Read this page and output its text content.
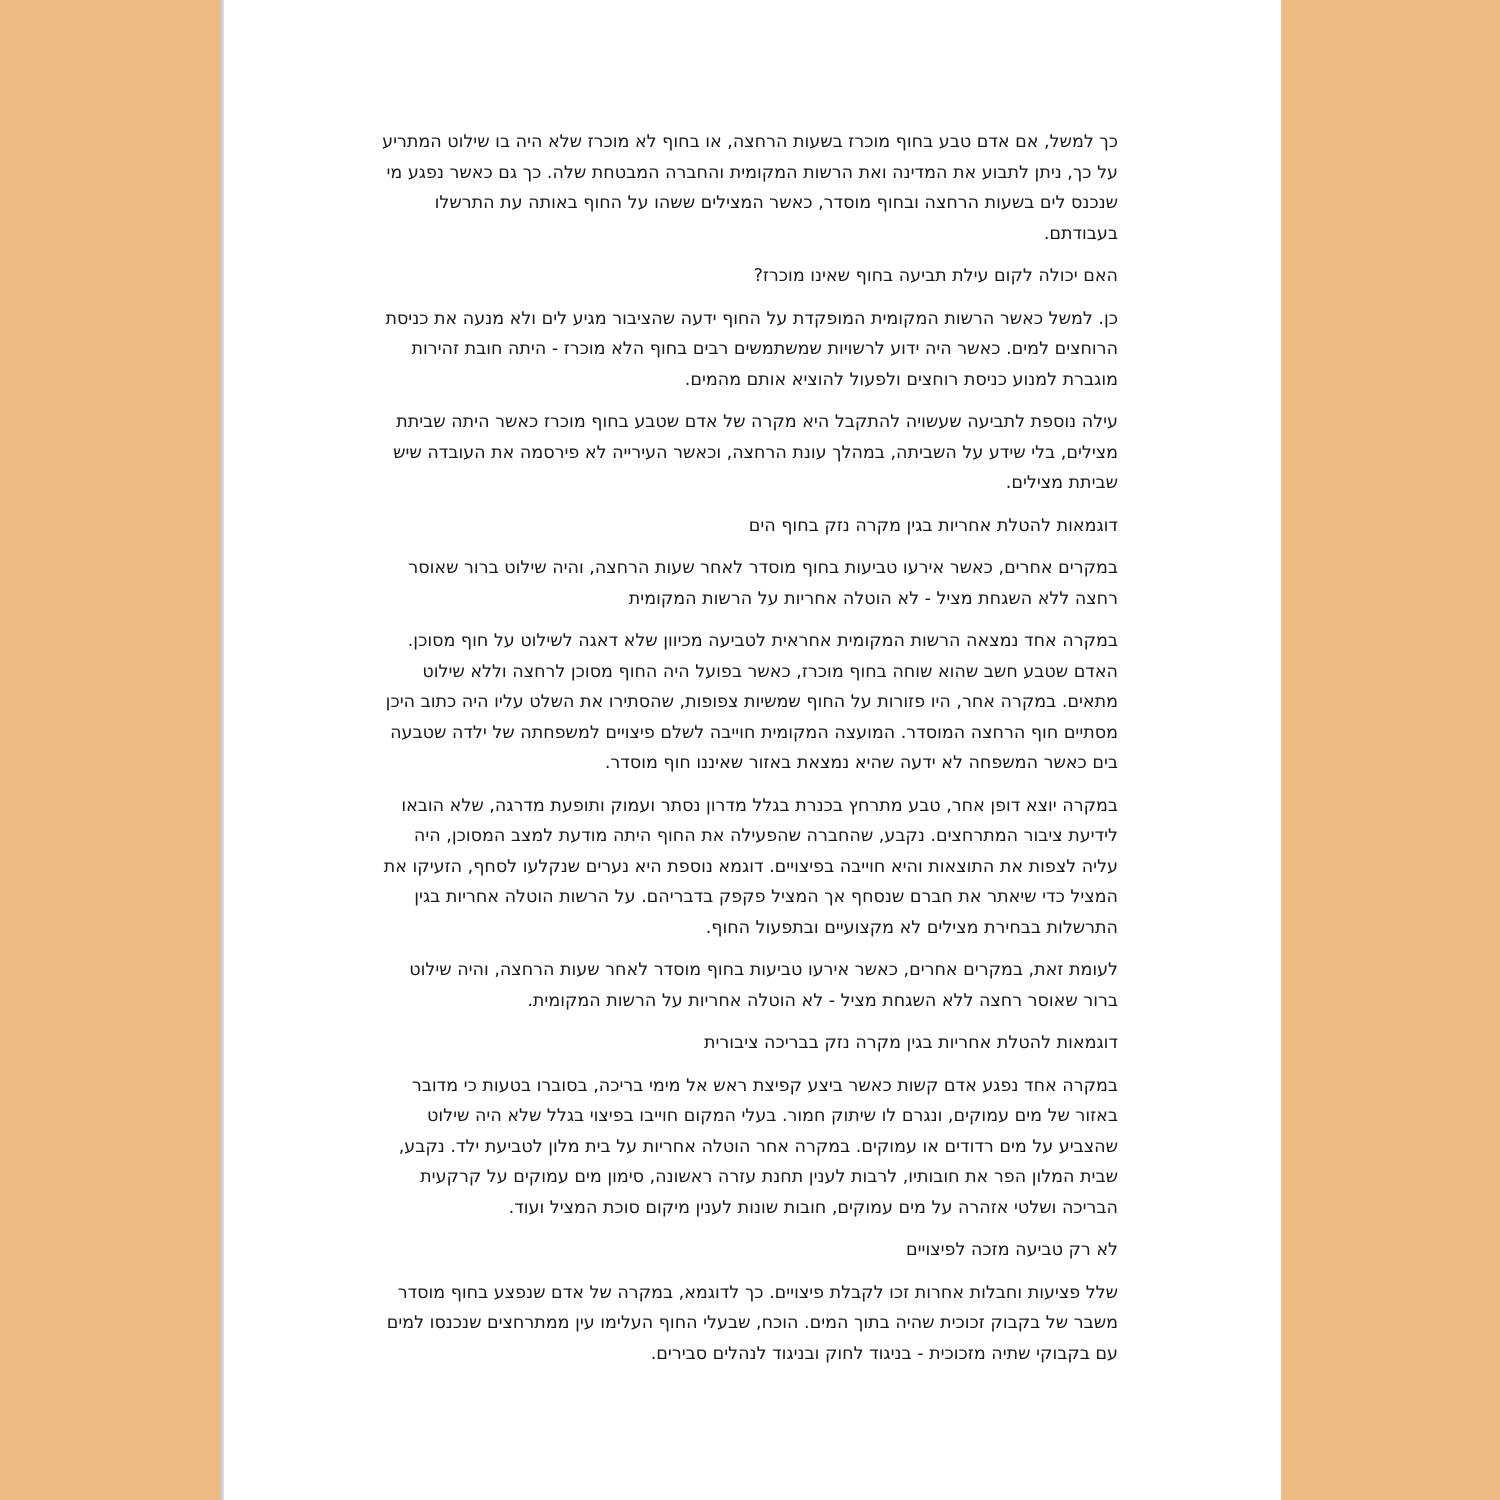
כך למשל, אם אדם טבע בחוף מוכרז בשעות הרחצה, או בחוף לא מוכרז שלא היה בו שילוט המתריע על כך, ניתן לתבוע את המדינה ואת הרשות המקומית והחברה המבטחת שלה. כך גם כאשר נפגע מי שנכנס לים בשעות הרחצה ובחוף מוסדר, כאשר המצילים ששהו על החוף באותה עת התרשלו בעבודתם.

האם יכולה לקום עילת תביעה בחוף שאינו מוכרז?

כן. למשל כאשר הרשות המקומית המופקדת על החוף ידעה שהציבור מגיע לים ולא מנעה את כניסת הרוחצים למים. כאשר היה ידוע לרשויות שמשתמשים רבים בחוף הלא מוכרז - היתה חובת זהירות מוגברת למנוע כניסת רוחצים ולפעול להוציא אותם מהמים.

עילה נוספת לתביעה שעשויה להתקבל היא מקרה של אדם שטבע בחוף מוכרז כאשר היתה שביתת מצילים, בלי שידע על השביתה, במהלך עונת הרחצה, וכאשר העירייה לא פירסמה את העובדה שיש שביתת מצילים.

דוגמאות להטלת אחריות בגין מקרה נזק בחוף הים

במקרים אחרים, כאשר אירעו טביעות בחוף מוסדר לאחר שעות הרחצה, והיה שילוט ברור שאוסר רחצה ללא השגחת מציל - לא הוטלה אחריות על הרשות המקומית

במקרה אחד נמצאה הרשות המקומית אחראית לטביעה מכיוון שלא דאגה לשילוט על חוף מסוכן. האדם שטבע חשב שהוא שוחה בחוף מוכרז, כאשר בפועל היה החוף מסוכן לרחצה וללא שילוט מתאים. במקרה אחר, היו פזורות על החוף שמשיות צפופות, שהסתירו את השלט עליו היה כתוב היכן מסתיים חוף הרחצה המוסדר. המועצה המקומית חוייבה לשלם פיצויים למשפחתה של ילדה שטבעה בים כאשר המשפחה לא ידעה שהיא נמצאת באזור שאיננו חוף מוסדר.

במקרה יוצא דופן אחר, טבע מתרחץ בכנרת בגלל מדרון נסתר ועמוק ותופעת מדרגה, שלא הובאו לידיעת ציבור המתרחצים. נקבע, שהחברה שהפעילה את החוף היתה מודעת למצב המסוכן, היה עליה לצפות את התוצאות והיא חוייבה בפיצויים. דוגמא נוספת היא נערים שנקלעו לסחף, הזעיקו את המציל כדי שיאתר את חברם שנסחף אך המציל פקפק בדבריהם. על הרשות הוטלה אחריות בגין התרשלות בבחירת מצילים לא מקצועיים ובתפעול החוף.

לעומת זאת, במקרים אחרים, כאשר אירעו טביעות בחוף מוסדר לאחר שעות הרחצה, והיה שילוט ברור שאוסר רחצה ללא השגחת מציל - לא הוטלה אחריות על הרשות המקומית.

דוגמאות להטלת אחריות בגין מקרה נזק בבריכה ציבורית

במקרה אחד נפגע אדם קשות כאשר ביצע קפיצת ראש אל מימי בריכה, בסוברו בטעות כי מדובר באזור של מים עמוקים, ונגרם לו שיתוק חמור. בעלי המקום חוייבו בפיצוי בגלל שלא היה שילוט שהצביע על מים רדודים או עמוקים. במקרה אחר הוטלה אחריות על בית מלון לטביעת ילד. נקבע, שבית המלון הפר את חובותיו, לרבות לענין תחנת עזרה ראשונה, סימון מים עמוקים על קרקעית הבריכה ושלטי אזהרה על מים עמוקים, חובות שונות לענין מיקום סוכת המציל ועוד.

לא רק טביעה מזכה לפיצויים

שלל פציעות וחבלות אחרות זכו לקבלת פיצויים. כך לדוגמא, במקרה של אדם שנפצע בחוף מוסדר משבר של בקבוק זכוכית שהיה בתוך המים. הוכח, שבעלי החוף העלימו עין ממתרחצים שנכנסו למים עם בקבוקי שתיה מזכוכית - בניגוד לחוק ובניגוד לנהלים סבירים.
